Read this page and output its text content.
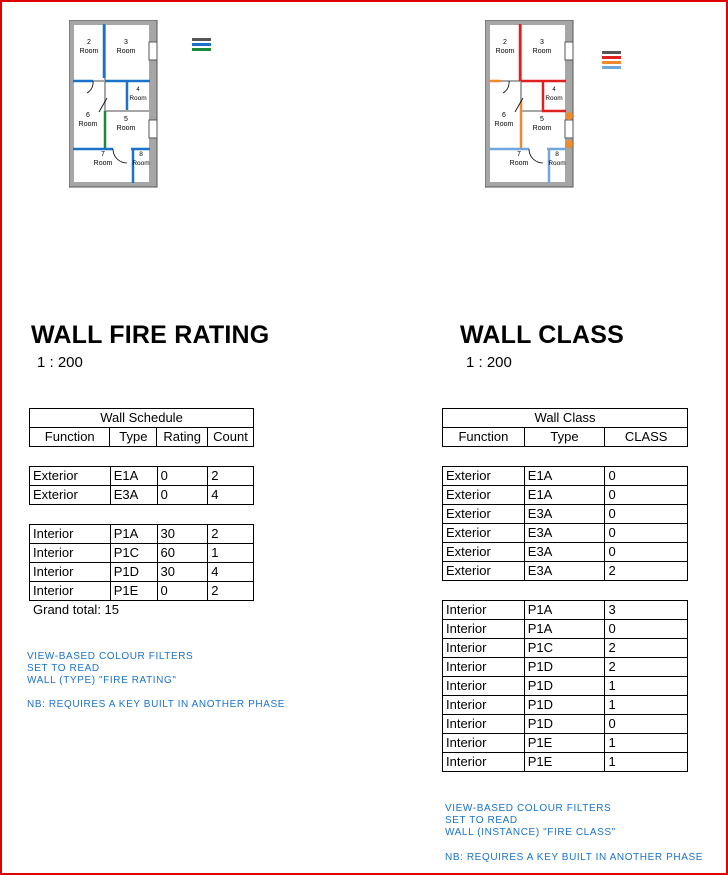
2
Room
3
Room
4
Room
5
Room
6
Room
7
Room
8
Room
2
Room
3
Room
4
Room
5
Room
6
Room
7
Room
8
Room
WALL FIRE RATING
1 : 200
WALL CLASS
1 : 200
Wall Schedule
Function	Type	Rating	Count
Exterior	E1A	0	2
Exterior	E3A	0	4
Interior	P1A	30	2
Interior	P1C	60	1
Interior	P1D	30	4
Interior	P1E	0	2
Grand total: 15
VIEW-BASED COLOUR FILTERS
SET TO READ
WALL (TYPE) "FIRE RATING"
NB: REQUIRES A KEY BUILT IN ANOTHER PHASE
Wall Class
Function	Type	CLASS
Exterior	E1A	0
Exterior	E1A	0
Exterior	E3A	0
Exterior	E3A	0
Exterior	E3A	0
Exterior	E3A	2
Interior	P1A	3
Interior	P1A	0
Interior	P1C	2
Interior	P1D	2
Interior	P1D	1
Interior	P1D	1
Interior	P1D	0
Interior	P1E	1
Interior	P1E	1
VIEW-BASED COLOUR FILTERS
SET TO READ
WALL (INSTANCE) "FIRE CLASS"
NB: REQUIRES A KEY BUILT IN ANOTHER PHASE
